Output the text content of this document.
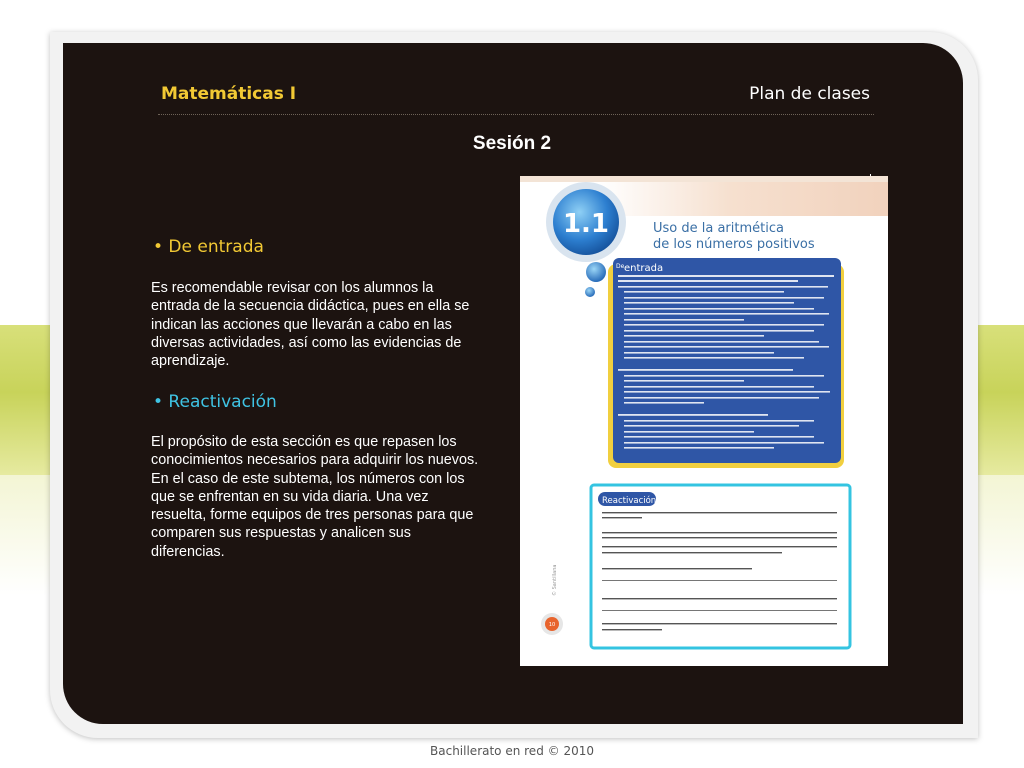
Matemáticas I	Plan de clases
Sesión 2
• De entrada
Es recomendable revisar con los alumnos la entrada de la secuencia didáctica, pues en ella se indican las acciones que llevarán a cabo en las diversas actividades, así como las evidencias de aprendizaje.
• Reactivación
El propósito de esta sección es que repasen los conocimientos necesarios para adquirir los nuevos. En el caso de este subtema, los números con los que se enfrentan en su vida diaria. Una vez resuelta, forme equipos de tres personas para que comparen sus respuestas y analicen sus diferencias.
1.1	Uso de la aritmética
de los números positivos
De entrada
Reactivación
© Santillana
10
Bachillerato en red © 2010
